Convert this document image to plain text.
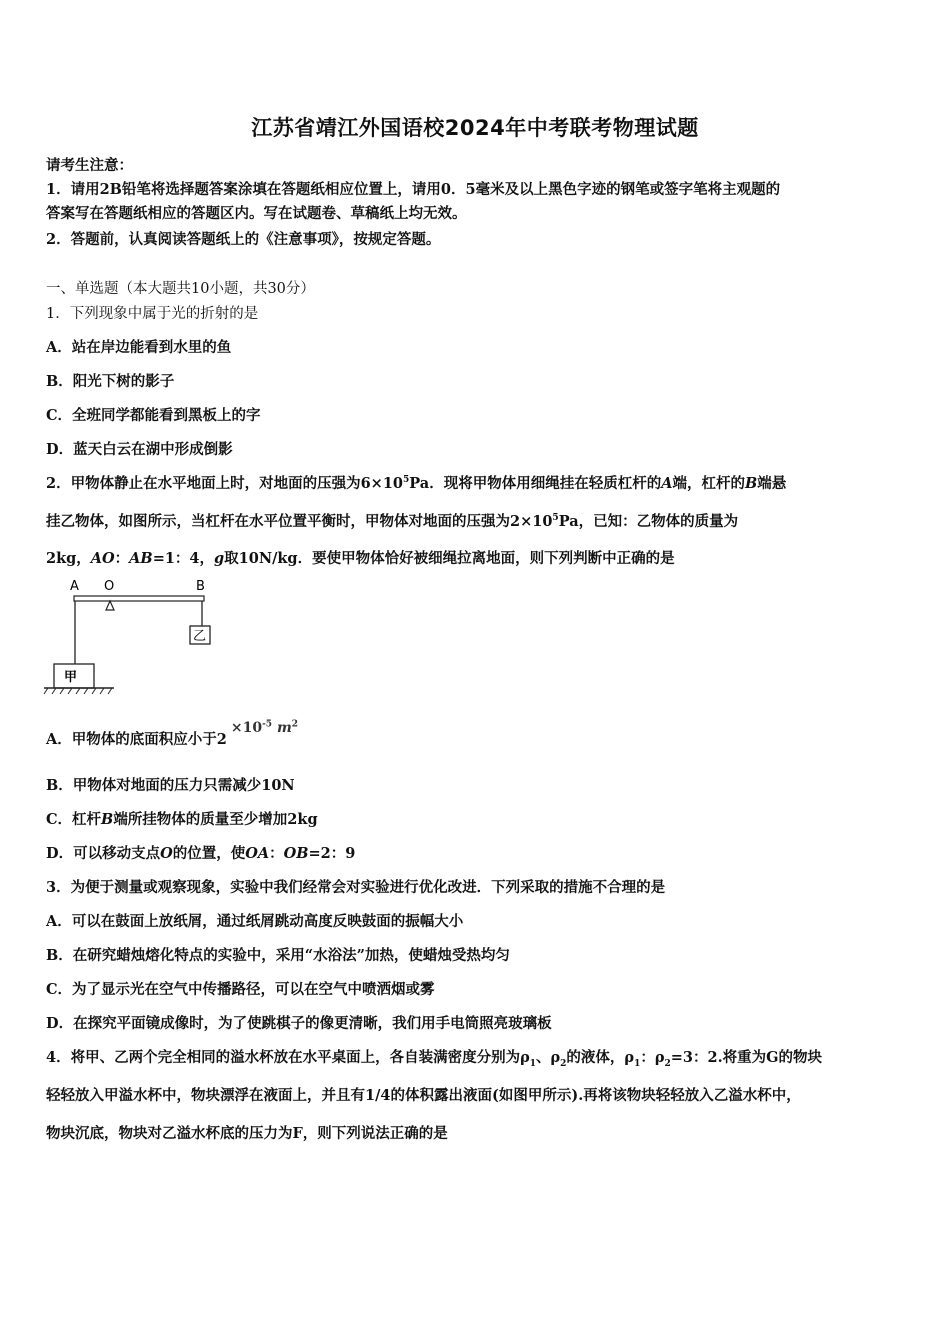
江苏省靖江外国语校2024年中考联考物理试题
请考生注意：
1．请用2B铅笔将选择题答案涂填在答题纸相应位置上，请用0．5毫米及以上黑色字迹的钢笔或签字笔将主观题的
答案写在答题纸相应的答题区内。写在试题卷、草稿纸上均无效。
2．答题前，认真阅读答题纸上的《注意事项》，按规定答题。
一、单选题（本大题共10小题，共30分）
1．下列现象中属于光的折射的是
A．站在岸边能看到水里的鱼
B．阳光下树的影子
C．全班同学都能看到黑板上的字
D．蓝天白云在湖中形成倒影
2．甲物体静止在水平地面上时，对地面的压强为$6\times 10^5Pa$．现将甲物体用细绳挂在轻质杠杆的A端，杠杆的B端悬
挂乙物体，如图所示，当杠杆在水平位置平衡时，甲物体对地面的压强为$2\times 10^5Pa$，已知：乙物体的质量为
2kg，AO：AB=1：4，g取10N/kg．要使甲物体恰好被细绳拉离地面，则下列判断中正确的是
A O	B
乙
甲
A．甲物体的底面积应小于$2\times 10^{-5}$ $m^2$
B．甲物体对地面的压力只需减少10N
C．杠杆B端所挂物体的质量至少增加2kg
D．可以移动支点O的位置，使OA：OB=2：9
3．为便于测量或观察现象，实验中我们经常会对实验进行优化改进．下列采取的措施不合理的是
A．可以在鼓面上放纸屑，通过纸屑跳动高度反映鼓面的振幅大小
B．在研究蜡烛熔化特点的实验中，采用“水浴法”加热，使蜡烛受热均匀
C．为了显示光在空气中传播路径，可以在空气中喷洒烟或雾
D．在探究平面镜成像时，为了使跳棋子的像更清晰，我们用手电筒照亮玻璃板
4．将甲、乙两个完全相同的溢水杯放在水平桌面上，各自装满密度分别为$\rho_1$、$\rho_2$的液体，$\rho_1$：$\rho_2=3$：2.将重为G的物块
轻轻放入甲溢水杯中，物块漂浮在液面上，并且有1/4的体积露出液面(如图甲所示).再将该物块轻轻放入乙溢水杯中，
物块沉底，物块对乙溢水杯底的压力为F，则下列说法正确的是
